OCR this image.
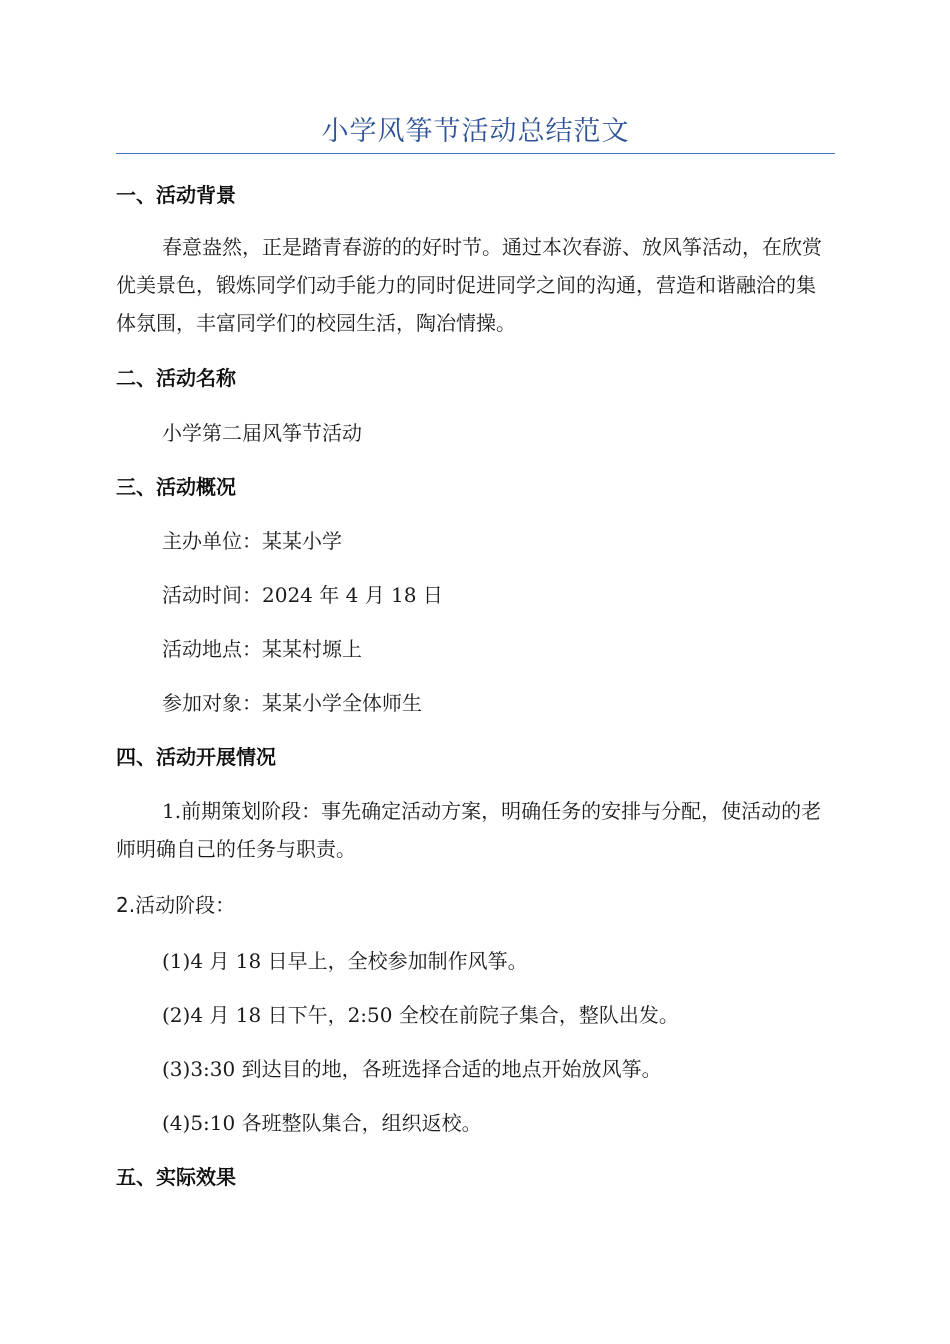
小学风筝节活动总结范文
一、活动背景
春意盎然，正是踏青春游的的好时节。通过本次春游、放风筝活动，在欣赏优美景色，锻炼同学们动手能力的同时促进同学之间的沟通，营造和谐融洽的集体氛围，丰富同学们的校园生活，陶冶情操。
二、活动名称
小学第二届风筝节活动
三、活动概况
主办单位：某某小学
活动时间：2024 年 4 月 18 日
活动地点：某某村塬上
参加对象：某某小学全体师生
四、活动开展情况
1.前期策划阶段：事先确定活动方案，明确任务的安排与分配，使活动的老师明确自己的任务与职责。
2.活动阶段：
(1)4 月 18 日早上，全校参加制作风筝。
(2)4 月 18 日下午，2:50 全校在前院子集合，整队出发。
(3)3:30 到达目的地，各班选择合适的地点开始放风筝。
(4)5:10 各班整队集合，组织返校。
五、实际效果
